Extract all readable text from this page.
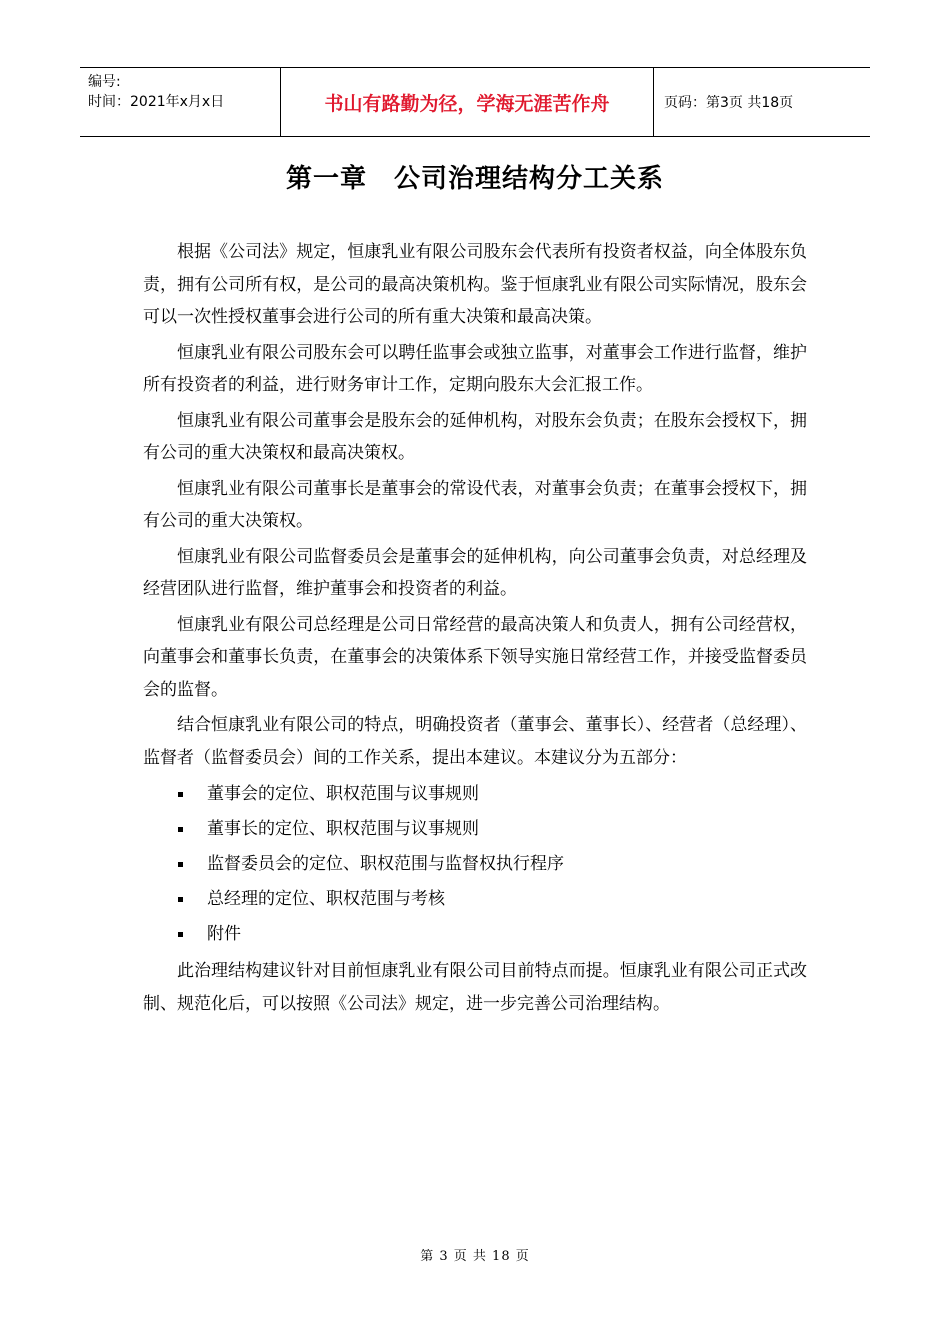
编号:
时间：2021年x月x日	书山有路勤为径，学海无涯苦作舟	页码：第3页 共18页
第一章　公司治理结构分工关系

根据《公司法》规定，恒康乳业有限公司股东会代表所有投资者权益，向全体股东负责，拥有公司所有权，是公司的最高决策机构。鉴于恒康乳业有限公司实际情况，股东会可以一次性授权董事会进行公司的所有重大决策和最高决策。

恒康乳业有限公司股东会可以聘任监事会或独立监事，对董事会工作进行监督，维护所有投资者的利益，进行财务审计工作，定期向股东大会汇报工作。

恒康乳业有限公司董事会是股东会的延伸机构，对股东会负责；在股东会授权下，拥有公司的重大决策权和最高决策权。

恒康乳业有限公司董事长是董事会的常设代表，对董事会负责；在董事会授权下，拥有公司的重大决策权。

恒康乳业有限公司监督委员会是董事会的延伸机构，向公司董事会负责，对总经理及经营团队进行监督，维护董事会和投资者的利益。

恒康乳业有限公司总经理是公司日常经营的最高决策人和负责人，拥有公司经营权，向董事会和董事长负责，在董事会的决策体系下领导实施日常经营工作，并接受监督委员会的监督。

结合恒康乳业有限公司的特点，明确投资者（董事会、董事长）、经营者（总经理）、监督者（监督委员会）间的工作关系，提出本建议。本建议分为五部分：

董事会的定位、职权范围与议事规则
董事长的定位、职权范围与议事规则
监督委员会的定位、职权范围与监督权执行程序
总经理的定位、职权范围与考核
附件

此治理结构建议针对目前恒康乳业有限公司目前特点而提。恒康乳业有限公司正式改制、规范化后，可以按照《公司法》规定，进一步完善公司治理结构。

第 3 页 共 18 页
